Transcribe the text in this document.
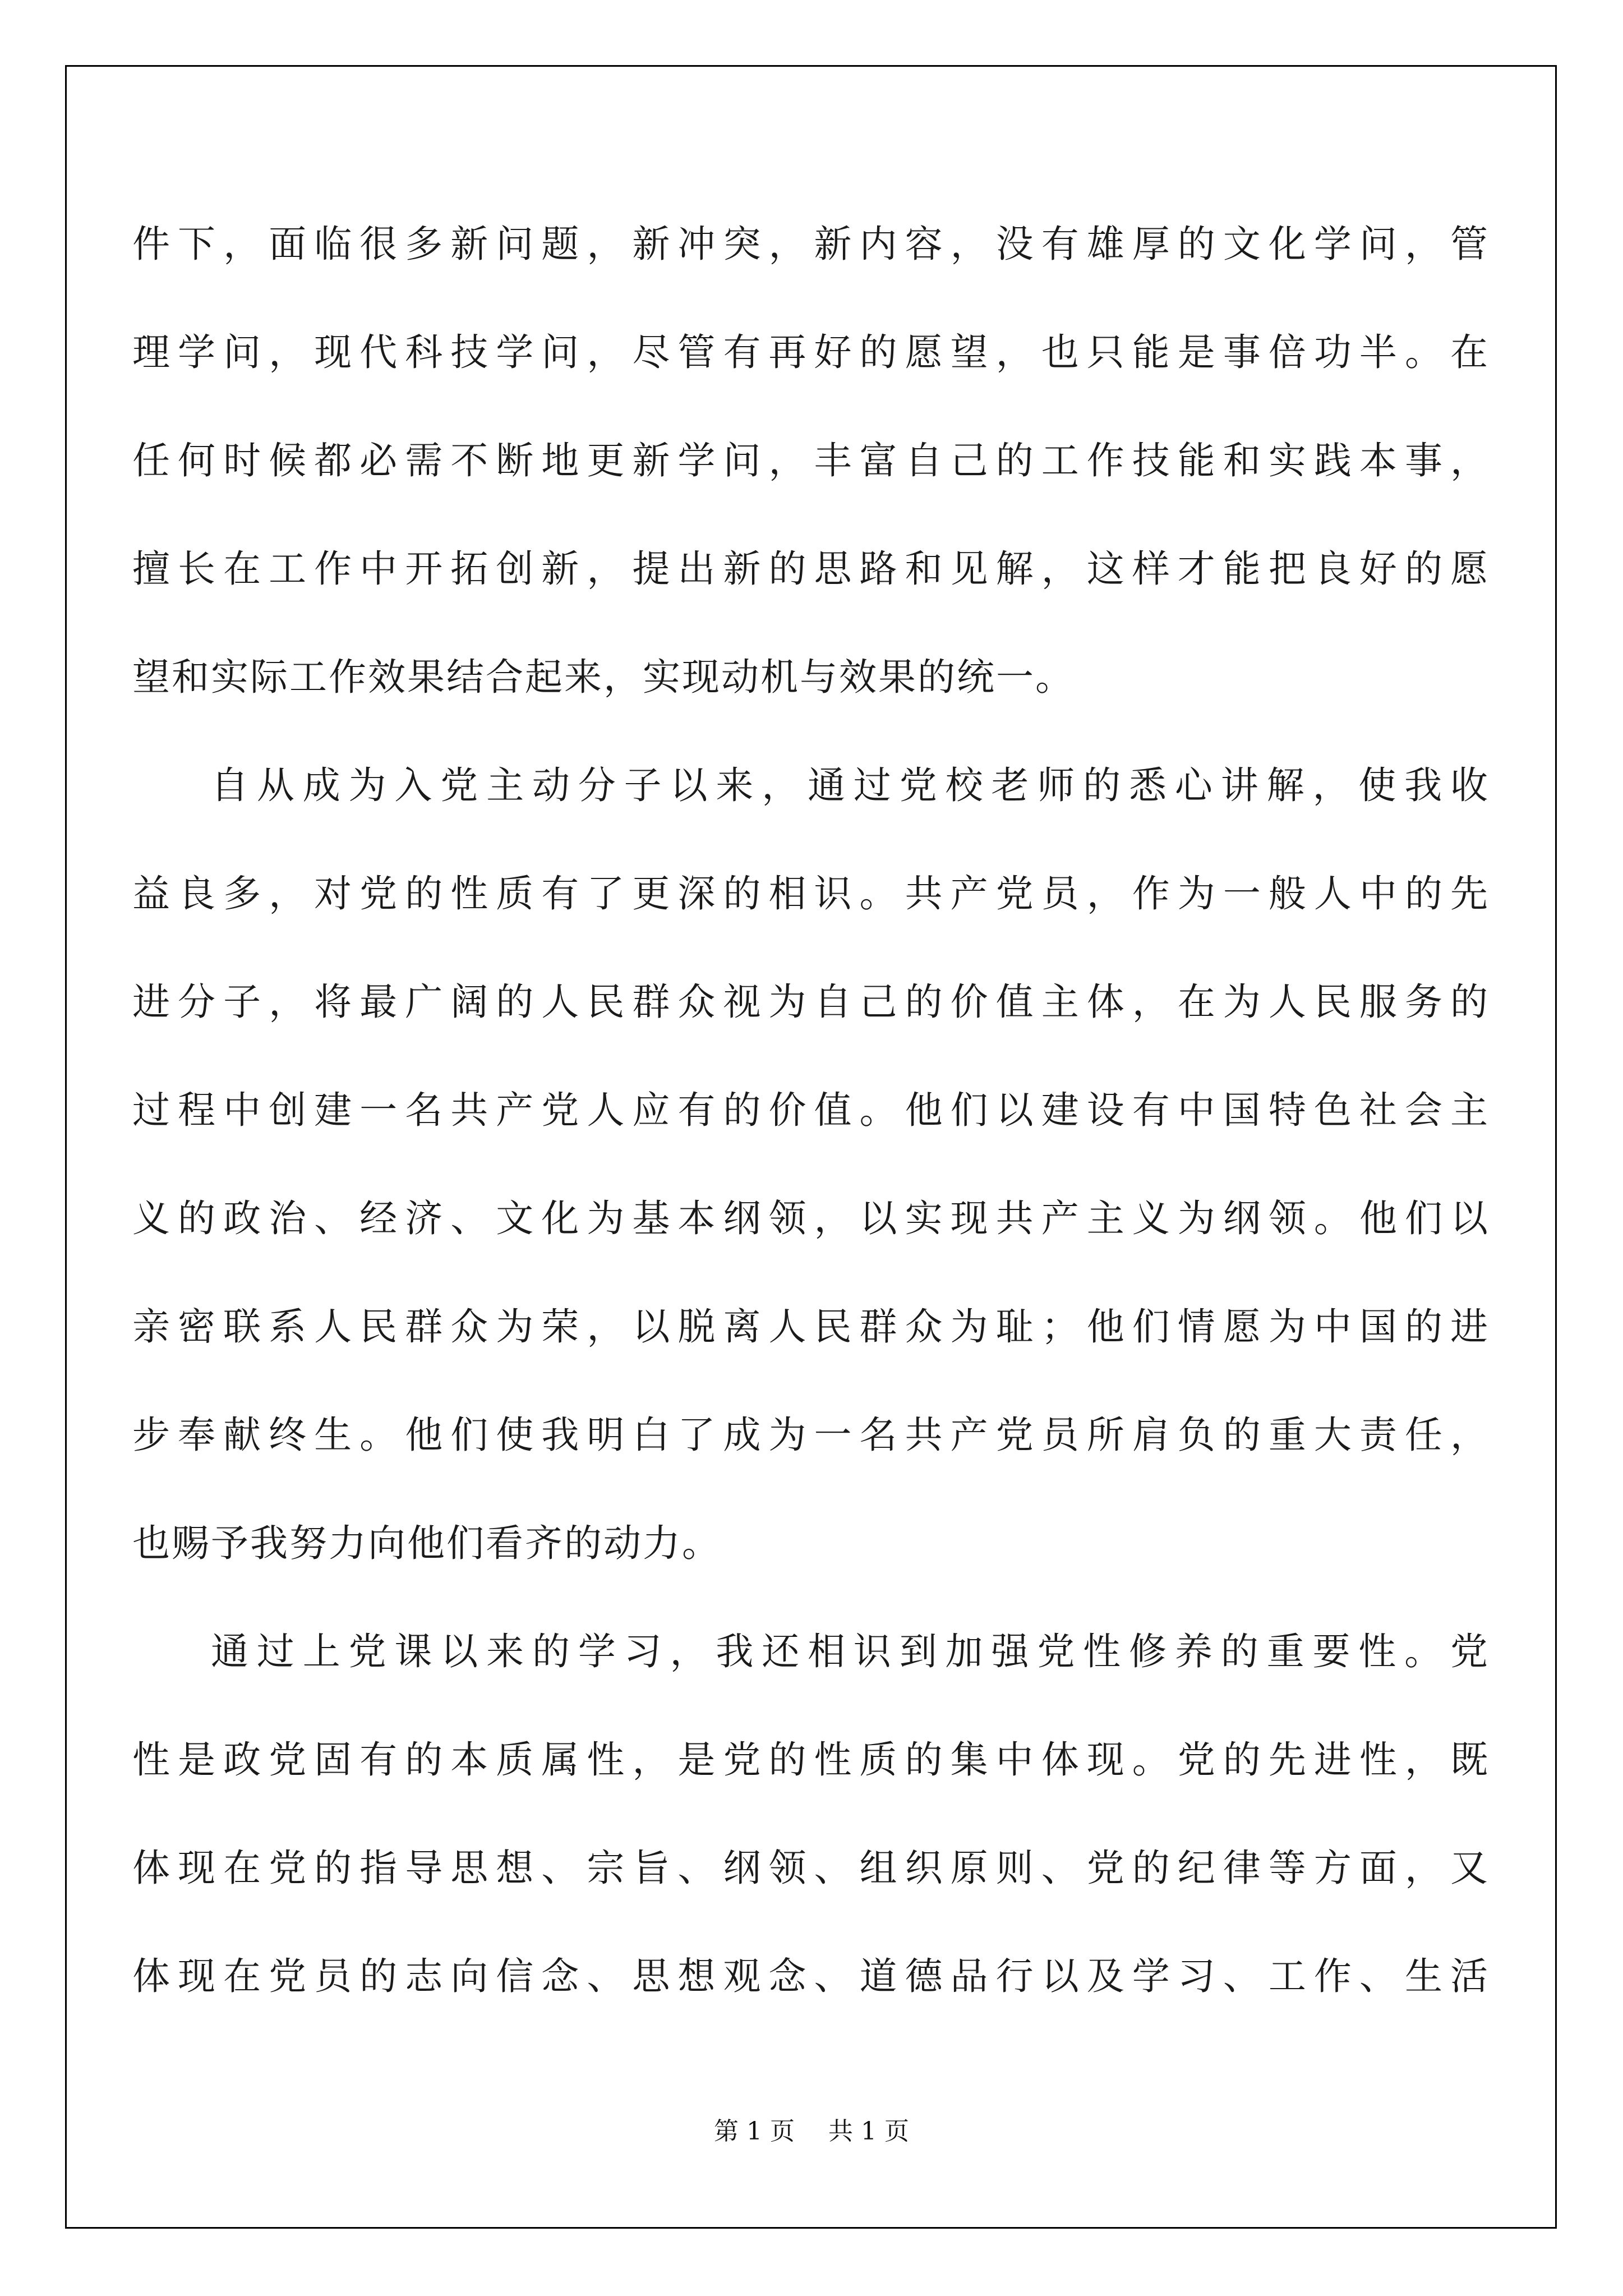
件下，面临很多新问题，新冲突，新内容，没有雄厚的文化学问，管
理学问，现代科技学问，尽管有再好的愿望，也只能是事倍功半。在
任何时候都必需不断地更新学问，丰富自己的工作技能和实践本事，
擅长在工作中开拓创新，提出新的思路和见解，这样才能把良好的愿
望和实际工作效果结合起来，实现动机与效果的统一。
自从成为入党主动分子以来，通过党校老师的悉心讲解，使我收
益良多，对党的性质有了更深的相识。共产党员，作为一般人中的先
进分子，将最广阔的人民群众视为自己的价值主体，在为人民服务的
过程中创建一名共产党人应有的价值。他们以建设有中国特色社会主
义的政治、经济、文化为基本纲领，以实现共产主义为纲领。他们以
亲密联系人民群众为荣，以脱离人民群众为耻；他们情愿为中国的进
步奉献终生。他们使我明白了成为一名共产党员所肩负的重大责任，
也赐予我努力向他们看齐的动力。
通过上党课以来的学习，我还相识到加强党性修养的重要性。党
性是政党固有的本质属性，是党的性质的集中体现。党的先进性，既
体现在党的指导思想、宗旨、纲领、组织原则、党的纪律等方面，又
体现在党员的志向信念、思想观念、道德品行以及学习、工作、生活
第 1 页 共 1 页
